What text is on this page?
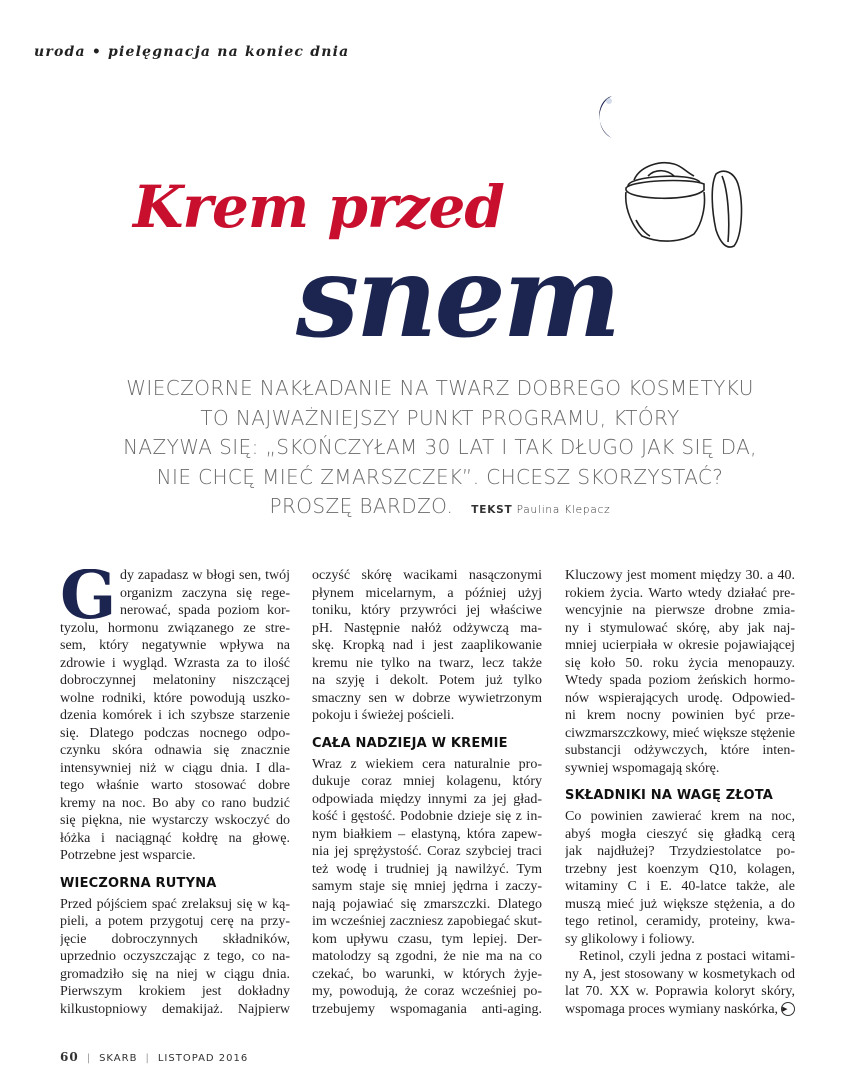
uroda • pielęgnacja na koniec dnia
Krem przed
snem
WIECZORNE NAKŁADANIE NA TWARZ DOBREGO KOSMETYKU
TO NAJWAŻNIEJSZY PUNKT PROGRAMU, KTÓRY
NAZYWA SIĘ: „SKOŃCZYŁAM 30 LAT I TAK DŁUGO JAK SIĘ DA,
NIE CHCĘ MIEĆ ZMARSZCZEK”. CHCESZ SKORZYSTAĆ?
PROSZĘ BARDZO. TEKST Paulina Klepacz
G dy zapadasz w błogi sen, twój
organizm zaczyna się rege-
nerować, spada poziom kor-
tyzolu, hormonu związanego ze stre-
sem, który negatywnie wpływa na
zdrowie i wygląd. Wzrasta za to ilość
dobroczynnej melatoniny niszczącej
wolne rodniki, które powodują uszko-
dzenia komórek i ich szybsze starzenie
się. Dlatego podczas nocnego odpo-
czynku skóra odnawia się znacznie
intensywniej niż w ciągu dnia. I dla-
tego właśnie warto stosować dobre
kremy na noc. Bo aby co rano budzić
się piękna, nie wystarczy wskoczyć do
łóżka i naciągnąć kołdrę na głowę.
Potrzebne jest wsparcie.
WIECZORNA RUTYNA
Przed pójściem spać zrelaksuj się w ką-
pieli, a potem przygotuj cerę na przy-
jęcie dobroczynnych składników,
uprzednio oczyszczając z tego, co na-
gromadziło się na niej w ciągu dnia.
Pierwszym krokiem jest dokładny
kilkustopniowy demakijaż. Najpierw
oczyść skórę wacikami nasączonymi
płynem micelarnym, a później użyj
toniku, który przywróci jej właściwe
pH. Następnie nałóż odżywczą ma-
skę. Kropką nad i jest zaaplikowanie
kremu nie tylko na twarz, lecz także
na szyję i dekolt. Potem już tylko
smaczny sen w dobrze wywietrzonym
pokoju i świeżej pościeli.
CAŁA NADZIEJA W KREMIE
Wraz z wiekiem cera naturalnie pro-
dukuje coraz mniej kolagenu, który
odpowiada między innymi za jej gład-
kość i gęstość. Podobnie dzieje się z in-
nym białkiem – elastyną, która zapew-
nia jej sprężystość. Coraz szybciej traci
też wodę i trudniej ją nawilżyć. Tym
samym staje się mniej jędrna i zaczy-
nają pojawiać się zmarszczki. Dlatego
im wcześniej zaczniesz zapobiegać skut-
kom upływu czasu, tym lepiej. Der-
matolodzy są zgodni, że nie ma na co
czekać, bo warunki, w których żyje-
my, powodują, że coraz wcześniej po-
trzebujemy wspomagania anti-aging.
Kluczowy jest moment między 30. a 40.
rokiem życia. Warto wtedy działać pre-
wencyjnie na pierwsze drobne zmia-
ny i stymulować skórę, aby jak naj-
mniej ucierpiała w okresie pojawiającej
się koło 50. roku życia menopauzy.
Wtedy spada poziom żeńskich hormo-
nów wspierających urodę. Odpowied-
ni krem nocny powinien być prze-
ciwzmarszczkowy, mieć większe stężenie
substancji odżywczych, które inten-
sywniej wspomagają skórę.
SKŁADNIKI NA WAGĘ ZŁOTA
Co powinien zawierać krem na noc,
abyś mogła cieszyć się gładką cerą
jak najdłużej? Trzydziestolatce po-
trzebny jest koenzym Q10, kolagen,
witaminy C i E. 40-latce także, ale
muszą mieć już większe stężenia, a do
tego retinol, ceramidy, proteiny, kwa-
sy glikolowy i foliowy.
Retinol, czyli jedna z postaci witami-
ny A, jest stosowany w kosmetykach od
lat 70. XX w. Poprawia koloryt skóry,
wspomaga proces wymiany naskórka, ▶
60 | SKARB | LISTOPAD 2016
